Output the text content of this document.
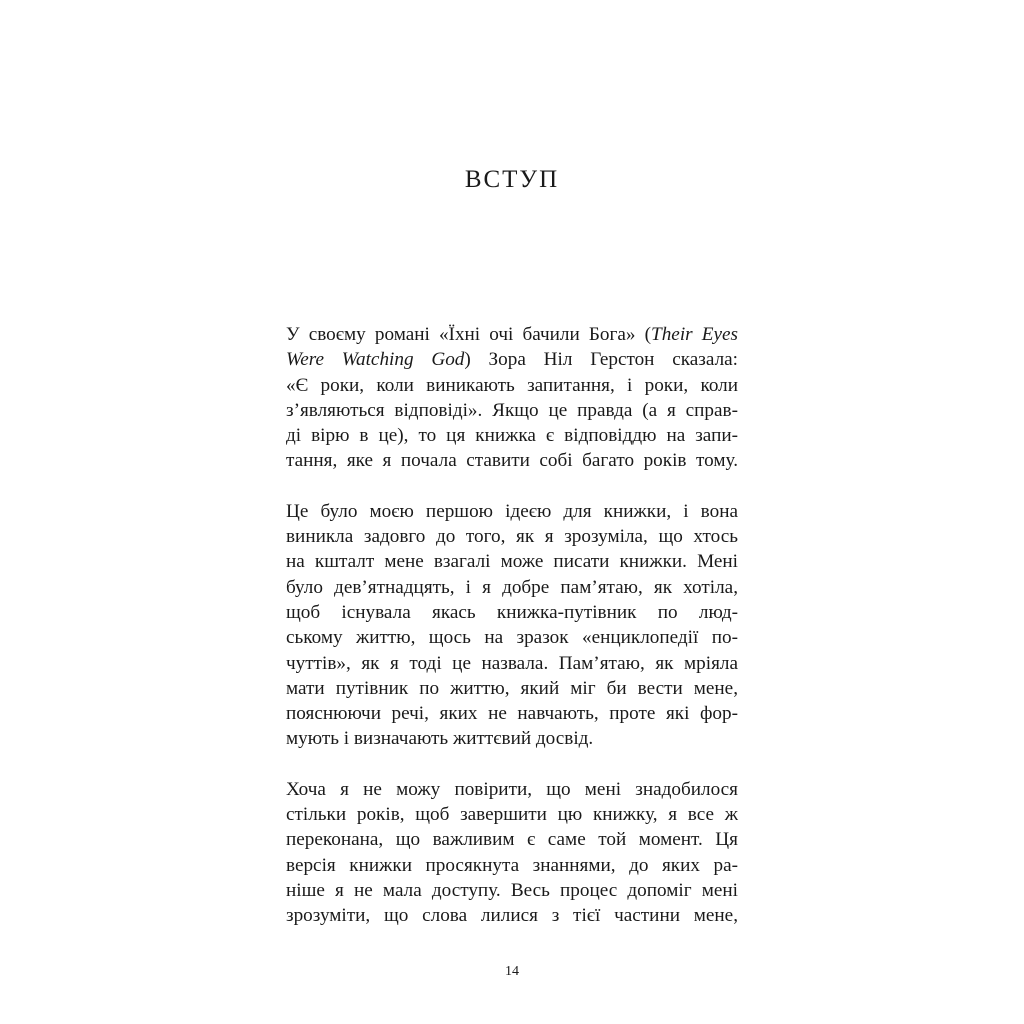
ВСТУП
У своєму романі «Їхні очі бачили Бога» (Their Eyes
Were Watching God) Зора Ніл Герстон сказала:
«Є роки, коли виникають запитання, і роки, коли
з’являються відповіді». Якщо це правда (а я справ-
ді вірю в це), то ця книжка є відповіддю на запи-
тання, яке я почала ставити собі багато років тому.
Це було моєю першою ідеєю для книжки, і вона
виникла задовго до того, як я зрозуміла, що хтось
на кшталт мене взагалі може писати книжки. Мені
було дев’ятнадцять, і я добре пам’ятаю, як хотіла,
щоб існувала якась книжка-путівник по люд-
ському життю, щось на зразок «енциклопедії по-
чуттів», як я тоді це назвала. Пам’ятаю, як мріяла
мати путівник по життю, який міг би вести мене,
пояснюючи речі, яких не навчають, проте які фор-
мують і визначають життєвий досвід.
Хоча я не можу повірити, що мені знадобилося
стільки років, щоб завершити цю книжку, я все ж
переконана, що важливим є саме той момент. Ця
версія книжки просякнута знаннями, до яких ра-
ніше я не мала доступу. Весь процес допоміг мені
зрозуміти, що слова лилися з тієї частини мене,
14
